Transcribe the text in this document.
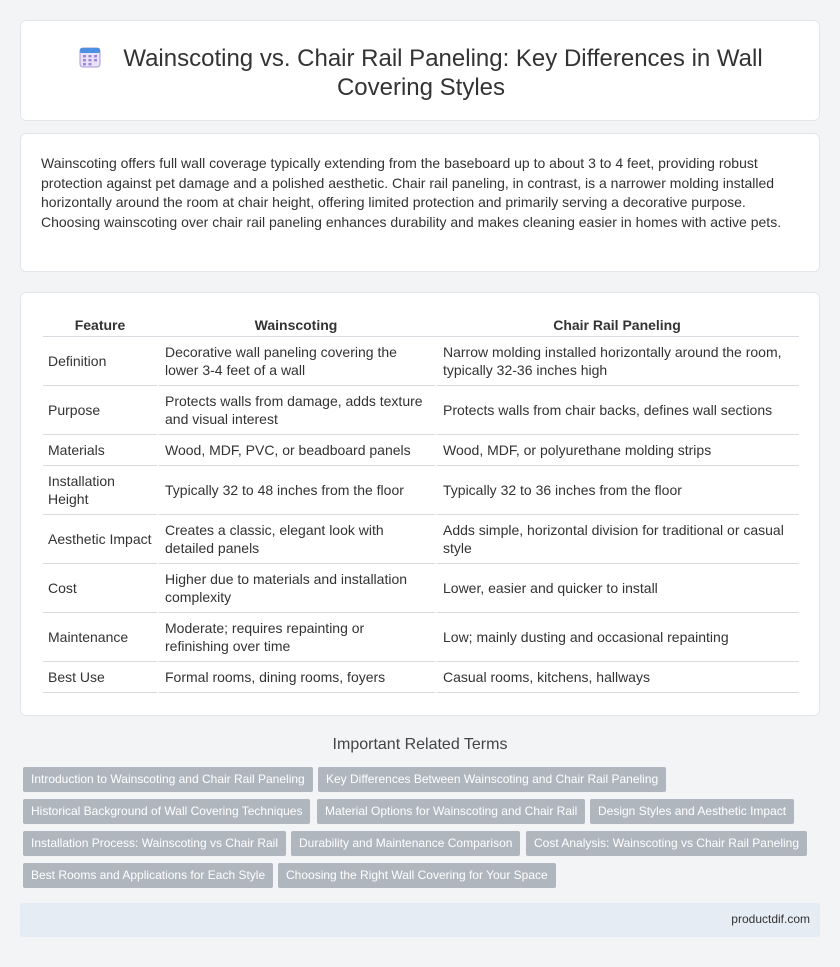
Wainscoting vs. Chair Rail Paneling: Key Differences in Wall
Covering Styles

Wainscoting offers full wall coverage typically extending from the baseboard up to about 3 to 4 feet, providing robust protection against pet damage and a polished aesthetic. Chair rail paneling, in contrast, is a narrower molding installed horizontally around the room at chair height, offering limited protection and primarily serving a decorative purpose. Choosing wainscoting over chair rail paneling enhances durability and makes cleaning easier in homes with active pets.

Feature	Wainscoting	Chair Rail Paneling
Definition	Decorative wall paneling covering the lower 3-4 feet of a wall	Narrow molding installed horizontally around the room, typically 32-36 inches high
Purpose	Protects walls from damage, adds texture and visual interest	Protects walls from chair backs, defines wall sections
Materials	Wood, MDF, PVC, or beadboard panels	Wood, MDF, or polyurethane molding strips
Installation Height	Typically 32 to 48 inches from the floor	Typically 32 to 36 inches from the floor
Aesthetic Impact	Creates a classic, elegant look with detailed panels	Adds simple, horizontal division for traditional or casual style
Cost	Higher due to materials and installation complexity	Lower, easier and quicker to install
Maintenance	Moderate; requires repainting or refinishing over time	Low; mainly dusting and occasional repainting
Best Use	Formal rooms, dining rooms, foyers	Casual rooms, kitchens, hallways
Important Related Terms
Introduction to Wainscoting and Chair Rail Paneling	Key Differences Between Wainscoting and Chair Rail Paneling
Historical Background of Wall Covering Techniques	Material Options for Wainscoting and Chair Rail	Design Styles and Aesthetic Impact
Installation Process: Wainscoting vs Chair Rail	Durability and Maintenance Comparison	Cost Analysis: Wainscoting vs Chair Rail Paneling
Best Rooms and Applications for Each Style	Choosing the Right Wall Covering for Your Space
productdif.com
